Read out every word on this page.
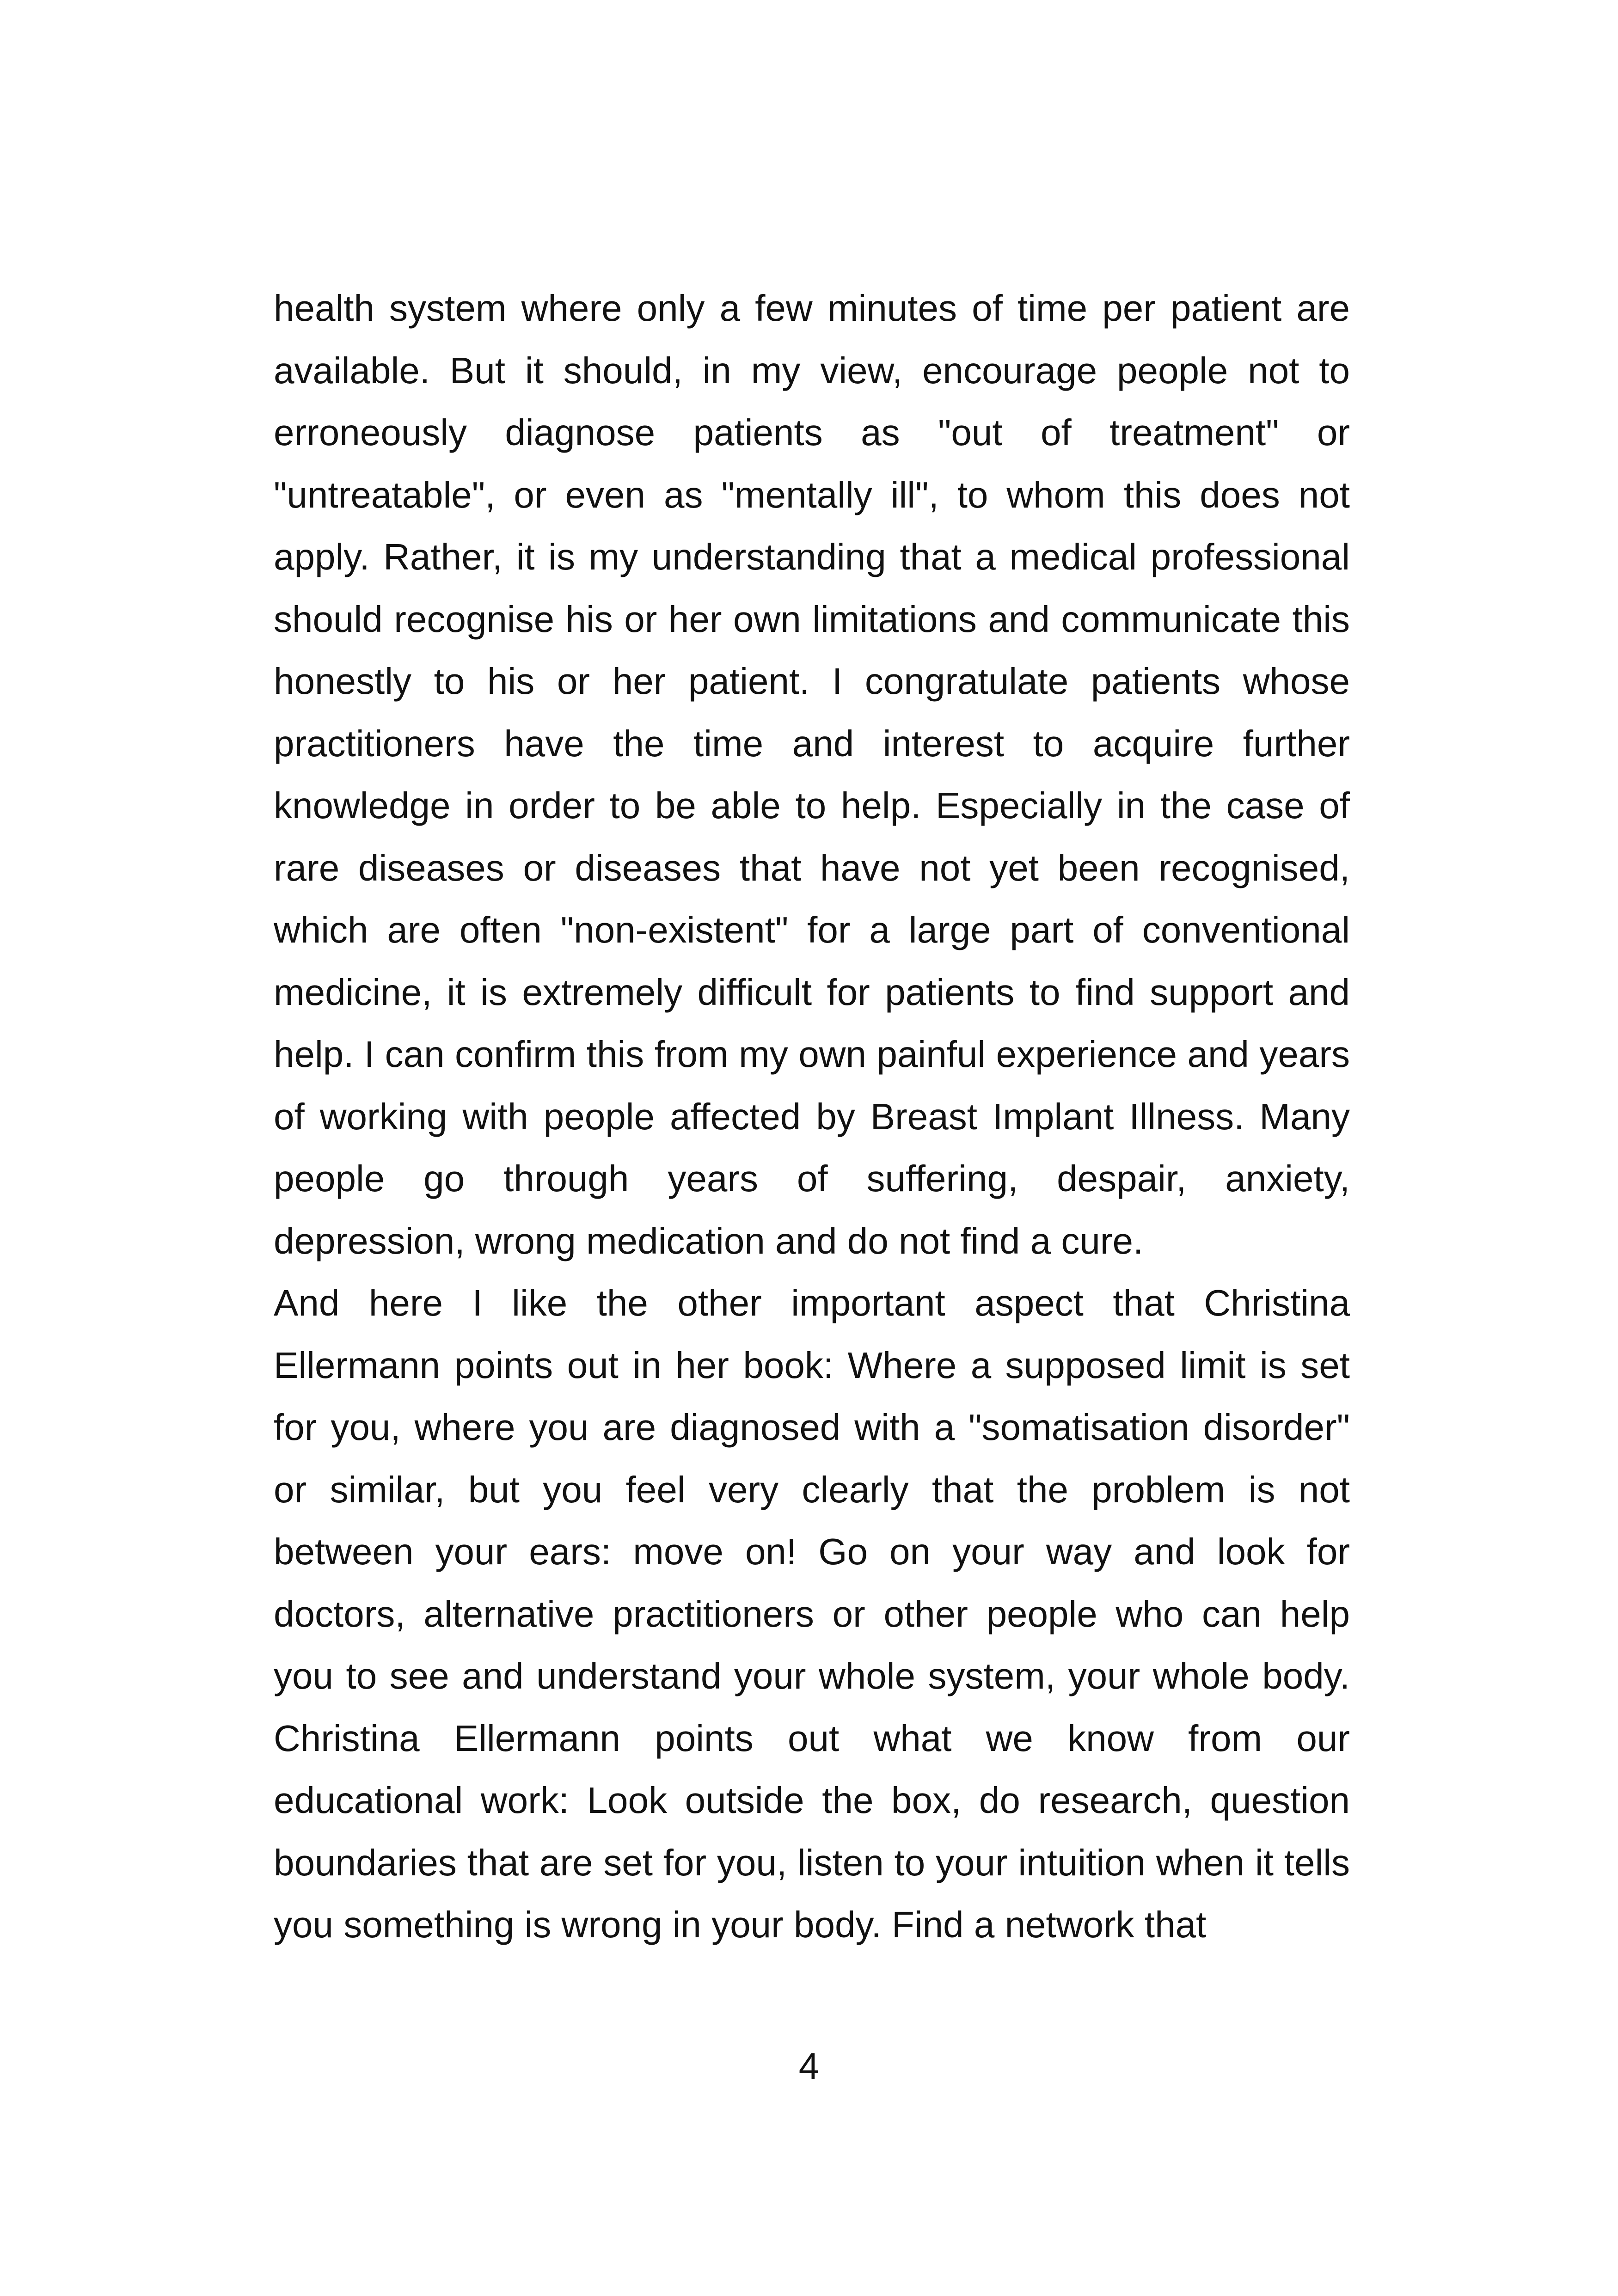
health system where only a few minutes of time per patient are available. But it should, in my view, encourage people not to erroneously diagnose patients as "out of treatment" or "untreatable", or even as "mentally ill", to whom this does not apply. Rather, it is my understanding that a medical professional should recognise his or her own limitations and communicate this honestly to his or her patient. I congratulate patients whose practitioners have the time and interest to acquire further knowledge in order to be able to help. Especially in the case of rare diseases or diseases that have not yet been recognised, which are often "non-existent" for a large part of conventional medicine, it is extremely difficult for patients to find support and help. I can confirm this from my own painful experience and years of working with people affected by Breast Implant Illness. Many people go through years of suffering, despair, anxiety, depression, wrong medication and do not find a cure.

And here I like the other important aspect that Christina Ellermann points out in her book: Where a supposed limit is set for you, where you are diagnosed with a "somatisation disorder" or similar, but you feel very clearly that the problem is not between your ears: move on! Go on your way and look for doctors, alternative practitioners or other people who can help you to see and understand your whole system, your whole body. Christina Ellermann points out what we know from our educational work: Look outside the box, do research, question boundaries that are set for you, listen to your intuition when it tells you something is wrong in your body. Find a network that

4
